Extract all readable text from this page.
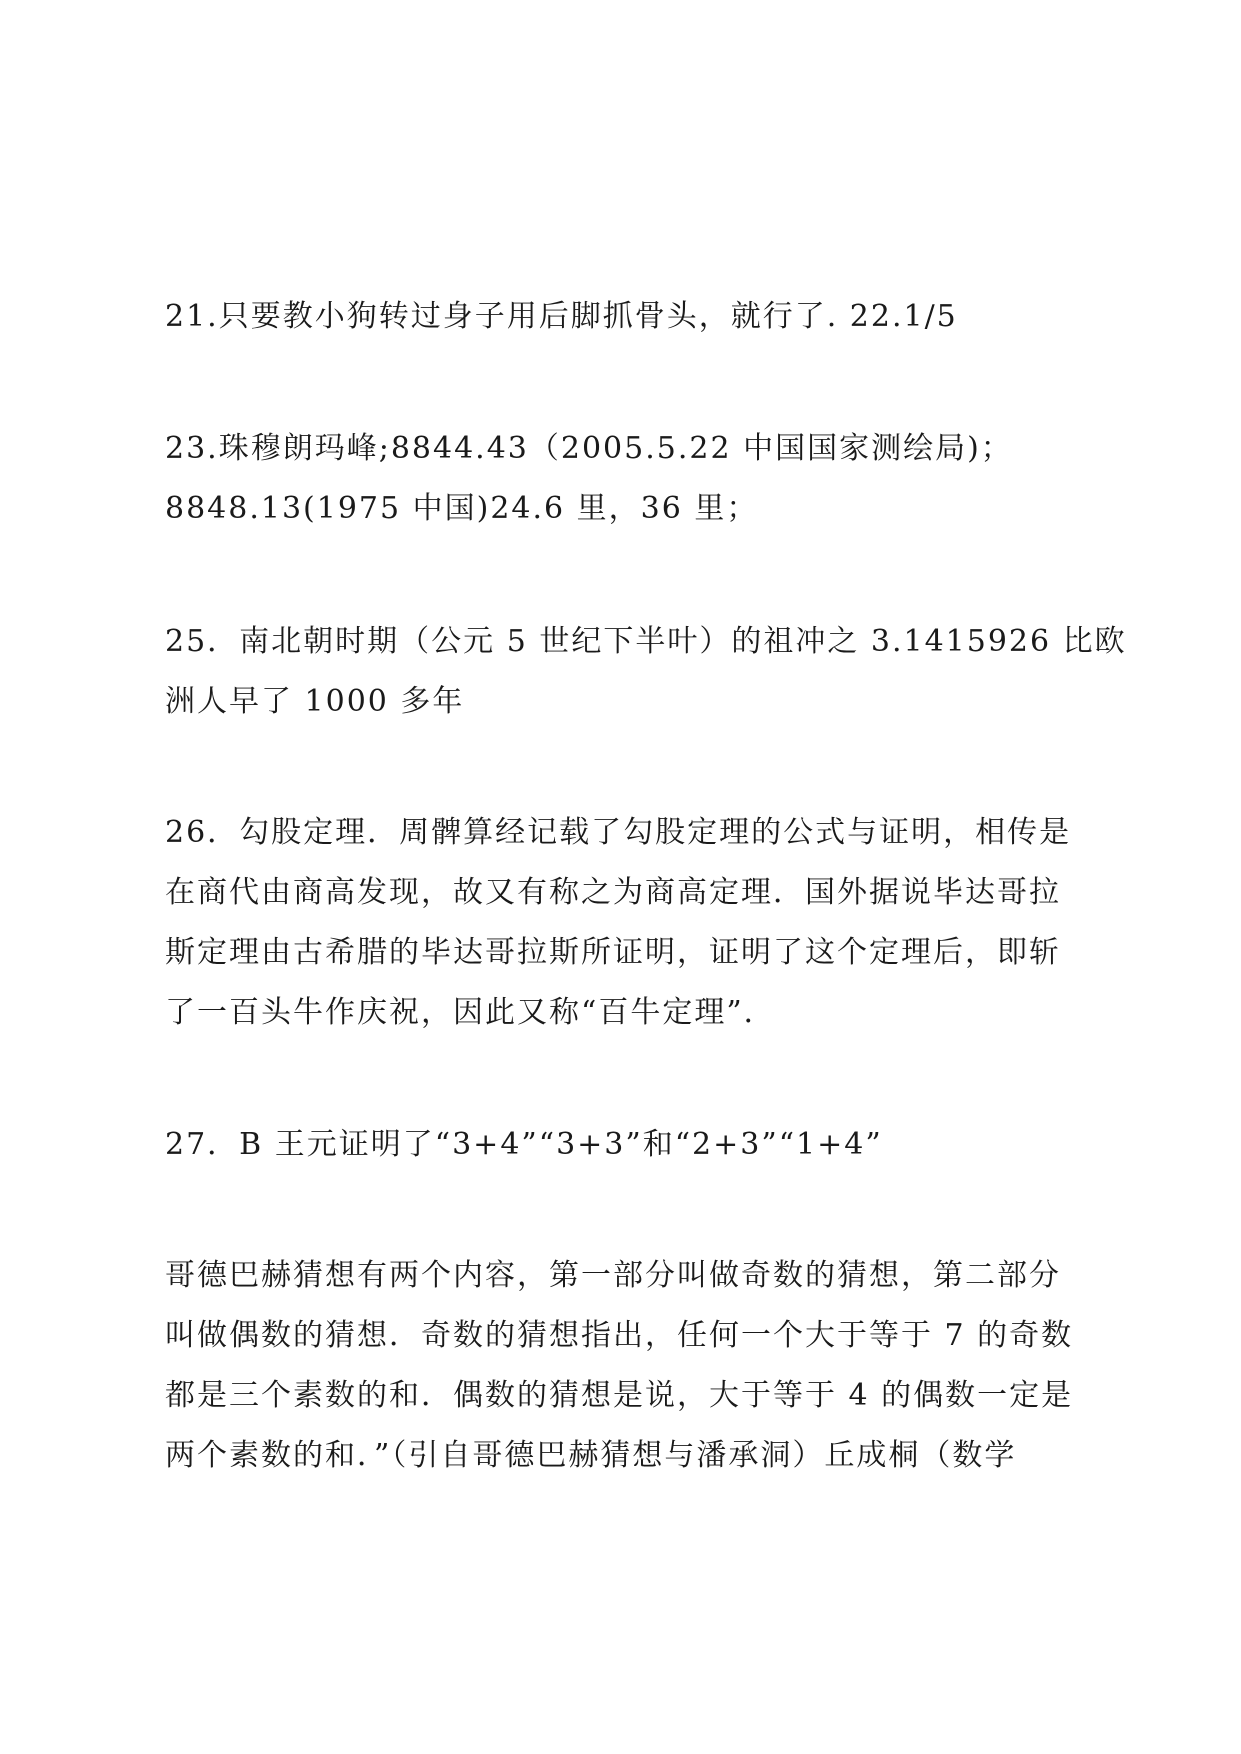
21.只要教小狗转过身子用后脚抓骨头，就行了. 22.1/5
23.珠穆朗玛峰;8844.43（2005.5.22 中国国家测绘局)；
8848.13(1975 中国)24.6 里，36 里；
25．南北朝时期（公元 5 世纪下半叶）的祖冲之 3.1415926 比欧
洲人早了 1000 多年
26．勾股定理．周髀算经记载了勾股定理的公式与证明，相传是
在商代由商高发现，故又有称之为商高定理．国外据说毕达哥拉
斯定理由古希腊的毕达哥拉斯所证明，证明了这个定理后，即斩
了一百头牛作庆祝，因此又称“百牛定理”．
27．B 王元证明了“3+4”“3+3”和“2+3”“1+4”
哥德巴赫猜想有两个内容，第一部分叫做奇数的猜想，第二部分
叫做偶数的猜想．奇数的猜想指出，任何一个大于等于 7 的奇数
都是三个素数的和．偶数的猜想是说，大于等于 4 的偶数一定是
两个素数的和．”（引自哥德巴赫猜想与潘承洞）丘成桐（数学
